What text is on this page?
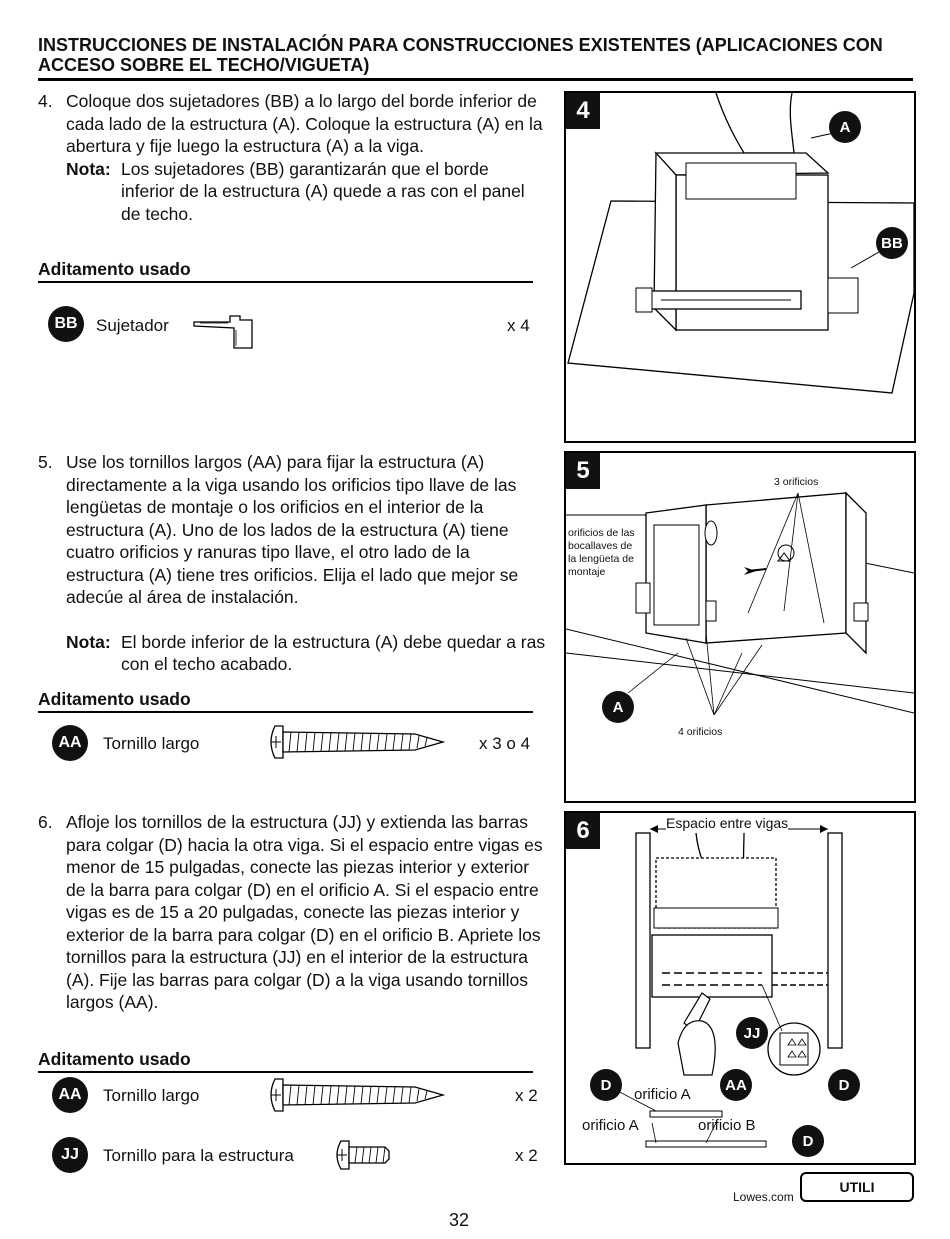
INSTRUCCIONES DE INSTALACIÓN PARA CONSTRUCCIONES EXISTENTES (APLICACIONES CON ACCESO SOBRE EL TECHO/VIGUETA)
4. Coloque dos sujetadores (BB) a lo largo del borde inferior de cada lado de la estructura (A). Coloque la estructura (A) en la abertura y fije luego la estructura (A) a la viga.
Nota: Los sujetadores (BB) garantizarán que el borde inferior de la estructura (A) quede a ras con el panel de techo.
Aditamento usado
BB	Sujetador	x 4
4
A
BB
5. Use los tornillos largos (AA) para fijar la estructura (A) directamente a la viga usando los orificios tipo llave de las lengüetas de montaje o los orificios en el interior de la estructura (A). Uno de los lados de la estructura (A) tiene cuatro orificios y ranuras tipo llave, el otro lado de la estructura (A) tiene tres orificios. Elija el lado que mejor se adecúe al área de instalación.
Nota: El borde inferior de la estructura (A) debe quedar a ras con el techo acabado.
Aditamento usado
AA	Tornillo largo	x 3 o 4
5	3 orificios
orificios de las
bocallaves de
la lengüeta de
montaje
A
4 orificios
6. Afloje los tornillos de la estructura (JJ) y extienda las barras para colgar (D) hacia la otra viga. Si el espacio entre vigas es menor de 15 pulgadas, conecte las piezas interior y exterior de la barra para colgar (D) en el orificio A. Si el espacio entre vigas es de 15 a 20 pulgadas, conecte las piezas interior y exterior de la barra para colgar (D) en el orificio B. Apriete los tornillos para la estructura (JJ) en el interior de la estructura (A). Fije las barras para colgar (D) a la viga usando tornillos largos (AA).
Aditamento usado
AA	Tornillo largo	x 2
JJ	Tornillo para la estructura	x 2
6	Espacio entre vigas
JJ
D	AA	D
orificio A
orificio A	orificio B
D
Lowes.com
UTILI
32
